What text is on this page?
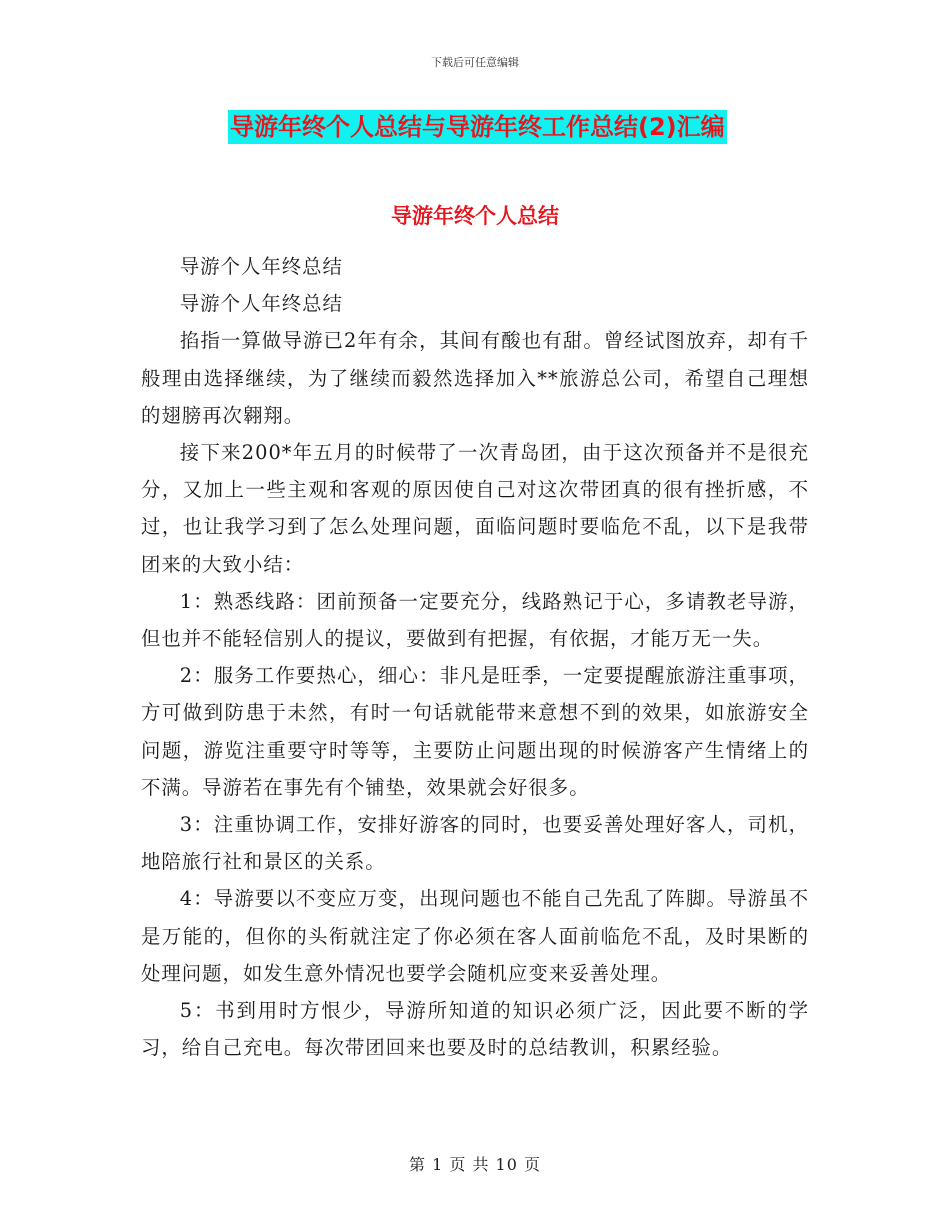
下载后可任意编辑
导游年终个人总结与导游年终工作总结(2)汇编
导游年终个人总结

导游个人年终总结

导游个人年终总结

掐指一算做导游已2年有余，其间有酸也有甜。曾经试图放弃，却有千般理由选择继续，为了继续而毅然选择加入**旅游总公司，希望自己理想的翅膀再次翱翔。

接下来200*年五月的时候带了一次青岛团，由于这次预备并不是很充分，又加上一些主观和客观的原因使自己对这次带团真的很有挫折感，不过，也让我学习到了怎么处理问题，面临问题时要临危不乱，以下是我带团来的大致小结：

1：熟悉线路：团前预备一定要充分，线路熟记于心，多请教老导游，但也并不能轻信别人的提议，要做到有把握，有依据，才能万无一失。

2：服务工作要热心，细心：非凡是旺季，一定要提醒旅游注重事项，方可做到防患于未然，有时一句话就能带来意想不到的效果，如旅游安全问题，游览注重要守时等等，主要防止问题出现的时候游客产生情绪上的不满。导游若在事先有个铺垫，效果就会好很多。

3：注重协调工作，安排好游客的同时，也要妥善处理好客人，司机，地陪旅行社和景区的关系。

4：导游要以不变应万变，出现问题也不能自己先乱了阵脚。导游虽不是万能的，但你的头衔就注定了你必须在客人面前临危不乱，及时果断的处理问题，如发生意外情况也要学会随机应变来妥善处理。

5：书到用时方恨少，导游所知道的知识必须广泛，因此要不断的学习，给自己充电。每次带团回来也要及时的总结教训，积累经验。

第 1 页 共 10 页
